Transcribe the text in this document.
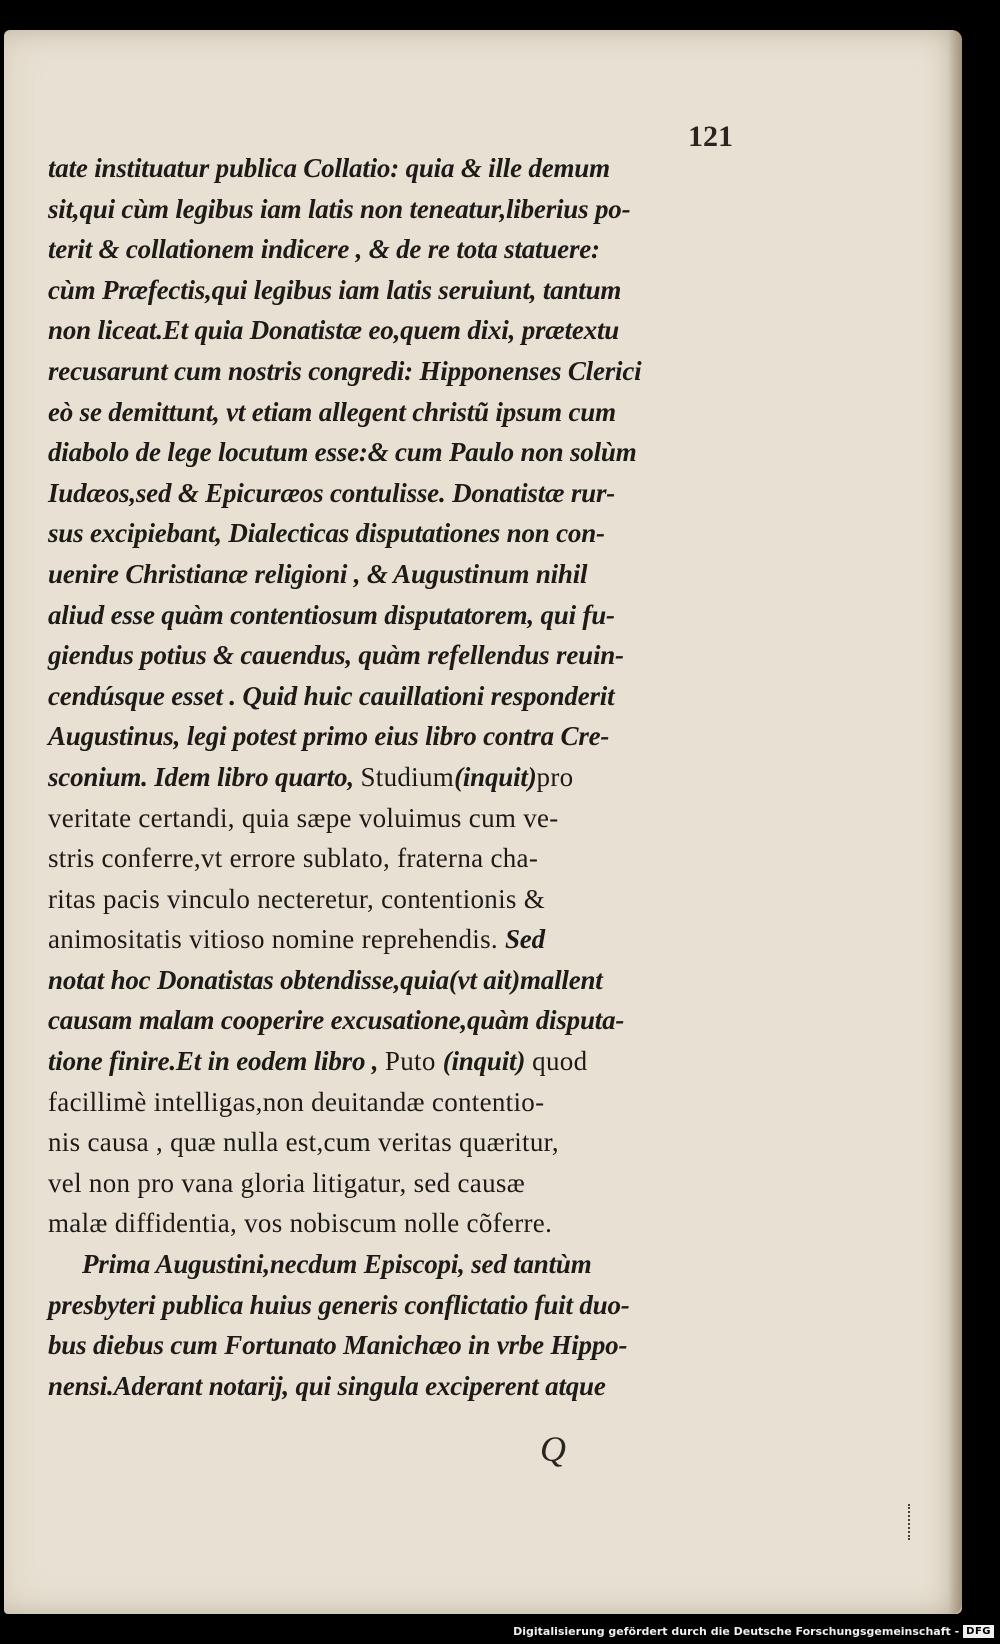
121
tate instituatur publica Collatio: quia & ille demum
sit,qui cùm legibus iam latis non teneatur,liberius po-
terit & collationem indicere , & de re tota statuere:
cùm Præfectis,qui legibus iam latis seruiunt, tantum
non liceat.Et quia Donatistæ eo,quem dixi, prætextu
recusarunt cum nostris congredi: Hipponenses Clerici
eò se demittunt, vt etiam allegent christũ ipsum cum
diabolo de lege locutum esse:& cum Paulo non solùm
Iudæos,sed & Epicuræos contulisse. Donatistæ rur-
sus excipiebant, Dialecticas disputationes non con-
uenire Christianæ religioni , & Augustinum nihil
aliud esse quàm contentiosum disputatorem, qui fu-
giendus potius & cauendus, quàm refellendus reuin-
cendúsque esset . Quid huic cauillationi responderit
Augustinus, legi potest primo eius libro contra Cre-
sconium. Idem libro quarto, Studium(inquit)pro
veritate certandi, quia sæpe voluimus cum ve-
stris conferre,vt errore sublato, fraterna cha-
ritas pacis vinculo necteretur, contentionis &
animositatis vitioso nomine reprehendis. Sed
notat hoc Donatistas obtendisse,quia(vt ait)mallent
causam malam cooperire excusatione,quàm disputa-
tione finire.Et in eodem libro , Puto (inquit) quod
facillimè intelligas,non deuitandæ contentio-
nis causa , quæ nulla est,cum veritas quæritur,
vel non pro vana gloria litigatur, sed causæ
malæ diffidentia, vos nobiscum nolle cõferre.
Prima Augustini,necdum Episcopi, sed tantùm
presbyteri publica huius generis conflictatio fuit duo-
bus diebus cum Fortunato Manichæo in vrbe Hippo-
nensi.Aderant notarij, qui singula exciperent atque
Q
Digitalisierung gefördert durch die Deutsche Forschungsgemeinschaft - DFG
